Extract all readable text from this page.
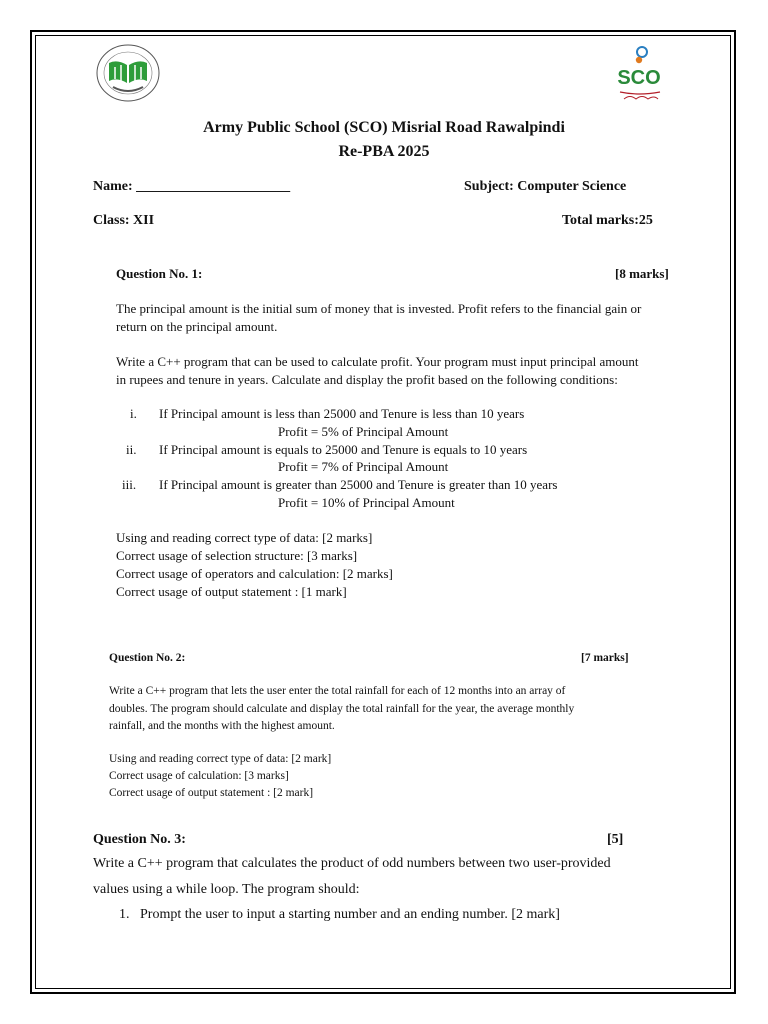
SCO
Army Public School (SCO) Misrial Road Rawalpindi
Re-PBA 2025
Name: ______________________	Subject: Computer Science
Class: XII	Total marks:25
Question No. 1:	[8 marks]
The principal amount is the initial sum of money that is invested. Profit refers to the financial gain or
return on the principal amount.
Write a C++ program that can be used to calculate profit. Your program must input principal amount
in rupees and tenure in years. Calculate and display the profit based on the following conditions:
i. If Principal amount is less than 25000 and Tenure is less than 10 years
Profit = 5% of Principal Amount
ii. If Principal amount is equals to 25000 and Tenure is equals to 10 years
Profit = 7% of Principal Amount
iii. If Principal amount is greater than 25000 and Tenure is greater than 10 years
Profit = 10% of Principal Amount
Using and reading correct type of data: [2 marks]
Correct usage of selection structure: [3 marks]
Correct usage of operators and calculation: [2 marks]
Correct usage of output statement : [1 mark]
Question No. 2:	[7 marks]
Write a C++ program that lets the user enter the total rainfall for each of 12 months into an array of
doubles. The program should calculate and display the total rainfall for the year, the average monthly
rainfall, and the months with the highest amount.
Using and reading correct type of data: [2 mark]
Correct usage of calculation: [3 marks]
Correct usage of output statement : [2 mark]
Question No. 3:	[5]
Write a C++ program that calculates the product of odd numbers between two user-provided
values using a while loop. The program should:
1. Prompt the user to input a starting number and an ending number. [2 mark]
